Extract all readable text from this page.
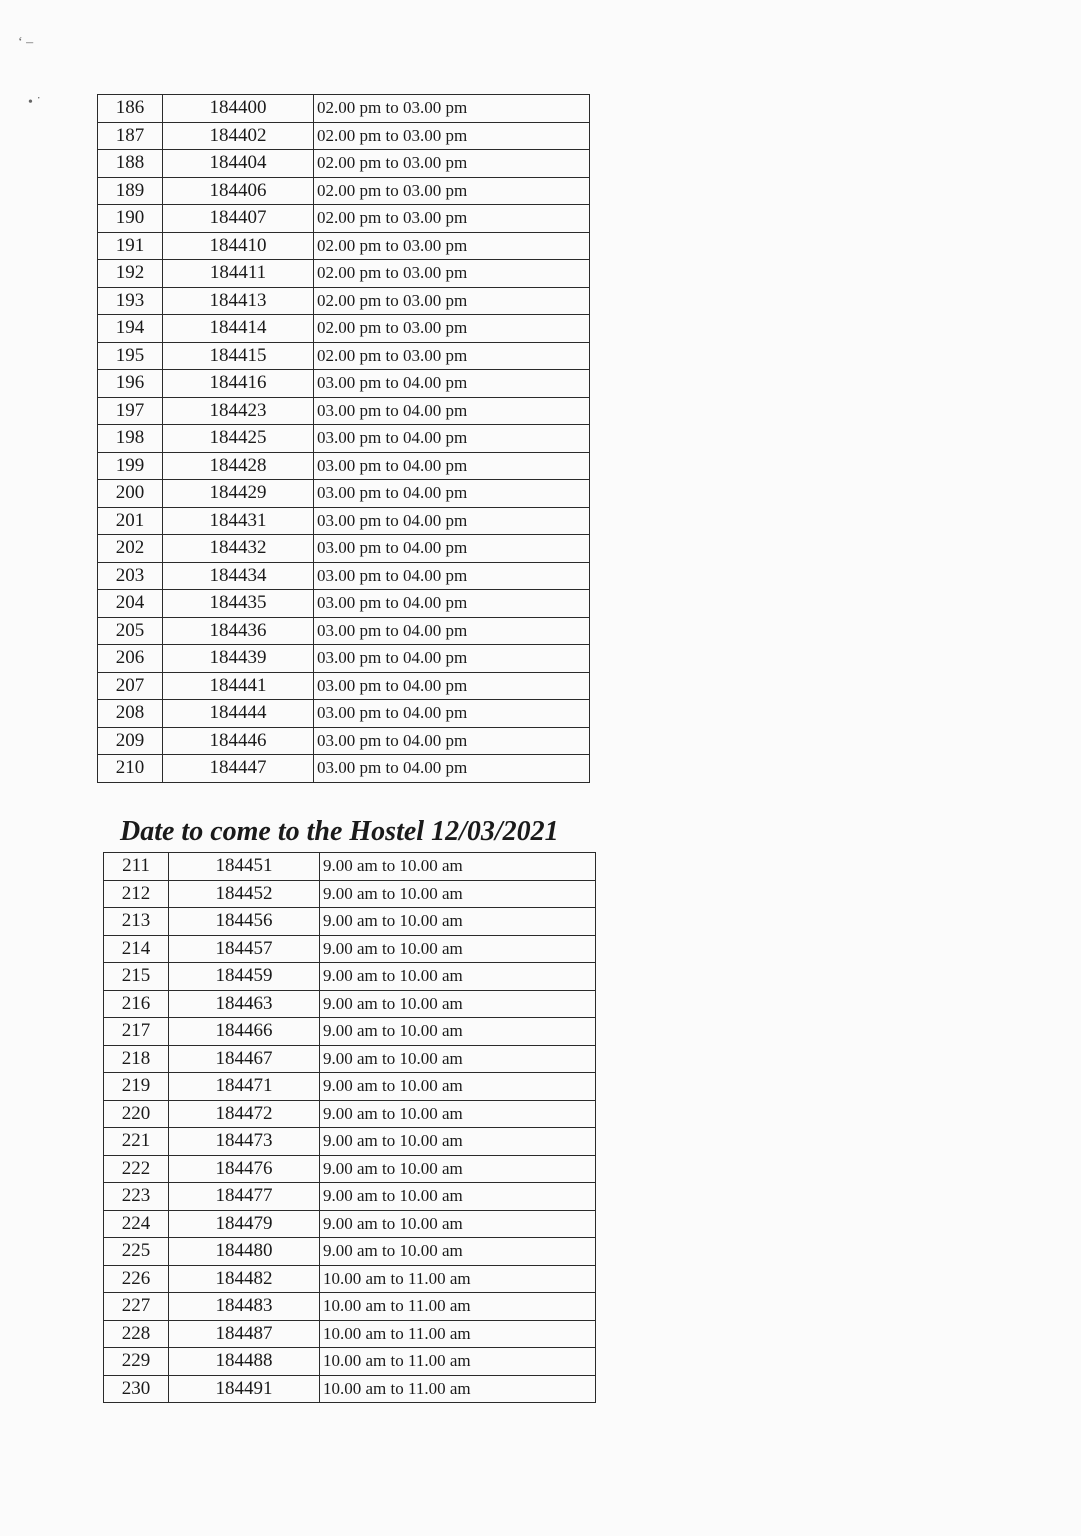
‘ –
• ˙	186	184400	02.00 pm to 03.00 pm
187	184402	02.00 pm to 03.00 pm
188	184404	02.00 pm to 03.00 pm
189	184406	02.00 pm to 03.00 pm
190	184407	02.00 pm to 03.00 pm
191	184410	02.00 pm to 03.00 pm
192	184411	02.00 pm to 03.00 pm
193	184413	02.00 pm to 03.00 pm
194	184414	02.00 pm to 03.00 pm
195	184415	02.00 pm to 03.00 pm
196	184416	03.00 pm to 04.00 pm
197	184423	03.00 pm to 04.00 pm
198	184425	03.00 pm to 04.00 pm
199	184428	03.00 pm to 04.00 pm
200	184429	03.00 pm to 04.00 pm
201	184431	03.00 pm to 04.00 pm
202	184432	03.00 pm to 04.00 pm
203	184434	03.00 pm to 04.00 pm
204	184435	03.00 pm to 04.00 pm
205	184436	03.00 pm to 04.00 pm
206	184439	03.00 pm to 04.00 pm
207	184441	03.00 pm to 04.00 pm
208	184444	03.00 pm to 04.00 pm
209	184446	03.00 pm to 04.00 pm
210	184447	03.00 pm to 04.00 pm
Date to come to the Hostel 12/03/2021
211	184451	9.00 am to 10.00 am
212	184452	9.00 am to 10.00 am
213	184456	9.00 am to 10.00 am
214	184457	9.00 am to 10.00 am
215	184459	9.00 am to 10.00 am
216	184463	9.00 am to 10.00 am
217	184466	9.00 am to 10.00 am
218	184467	9.00 am to 10.00 am
219	184471	9.00 am to 10.00 am
220	184472	9.00 am to 10.00 am
221	184473	9.00 am to 10.00 am
222	184476	9.00 am to 10.00 am
223	184477	9.00 am to 10.00 am
224	184479	9.00 am to 10.00 am
225	184480	9.00 am to 10.00 am
226	184482	10.00 am to 11.00 am
227	184483	10.00 am to 11.00 am
228	184487	10.00 am to 11.00 am
229	184488	10.00 am to 11.00 am
230	184491	10.00 am to 11.00 am
